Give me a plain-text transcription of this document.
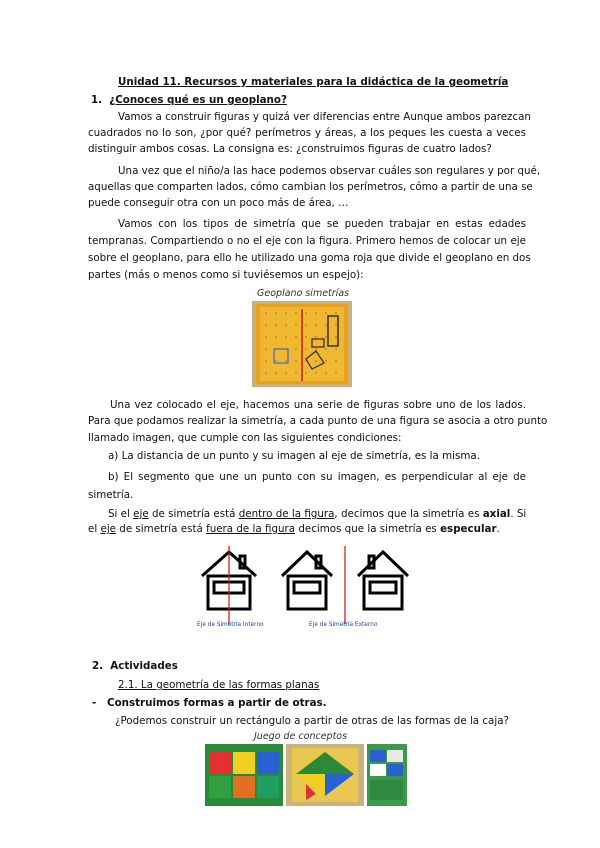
Unidad 11. Recursos y materiales para la didáctica de la geometría
1. ¿Conoces qué es un geoplano?
Vamos a construir figuras y quizá ver diferencias entre Aunque ambos parezcan
cuadrados no lo son, ¿por qué? perímetros y áreas, a los peques les cuesta a veces
distinguir ambos cosas. La consigna es: ¿construimos figuras de cuatro lados?
Una vez que el niño/a las hace podemos observar cuáles son regulares y por qué,
aquellas que comparten lados, cómo cambian los perímetros, cómo a partir de una se
puede conseguir otra con un poco más de área, …
Vamos con los tipos de simetría que se pueden trabajar en estas edades
tempranas. Compartiendo o no el eje con la figura. Primero hemos de colocar un eje
sobre el geoplano, para ello he utilizado una goma roja que divide el geoplano en dos
partes (más o menos como si tuviésemos un espejo):
Geoplano simetrías
Una vez colocado el eje, hacemos una serie de figuras sobre uno de los lados.
Para que podamos realizar la simetría, a cada punto de una figura se asocia a otro punto
llamado imagen, que cumple con las siguientes condiciones:
a) La distancia de un punto y su imagen al eje de simetría, es la misma.
b) El segmento que une un punto con su imagen, es perpendicular al eje de
simetría.
Si el eje de simetría está dentro de la figura, decimos que la simetría es axial. Si
el eje de simetría está fuera de la figura decimos que la simetría es especular.
Eje de Simetría Interno	Eje de Simetría Externo
2. Actividades
2.1. La geometría de las formas planas
- Construimos formas a partir de otras.
¿Podemos construir un rectángulo a partir de otras de las formas de la caja?
Juego de conceptos
